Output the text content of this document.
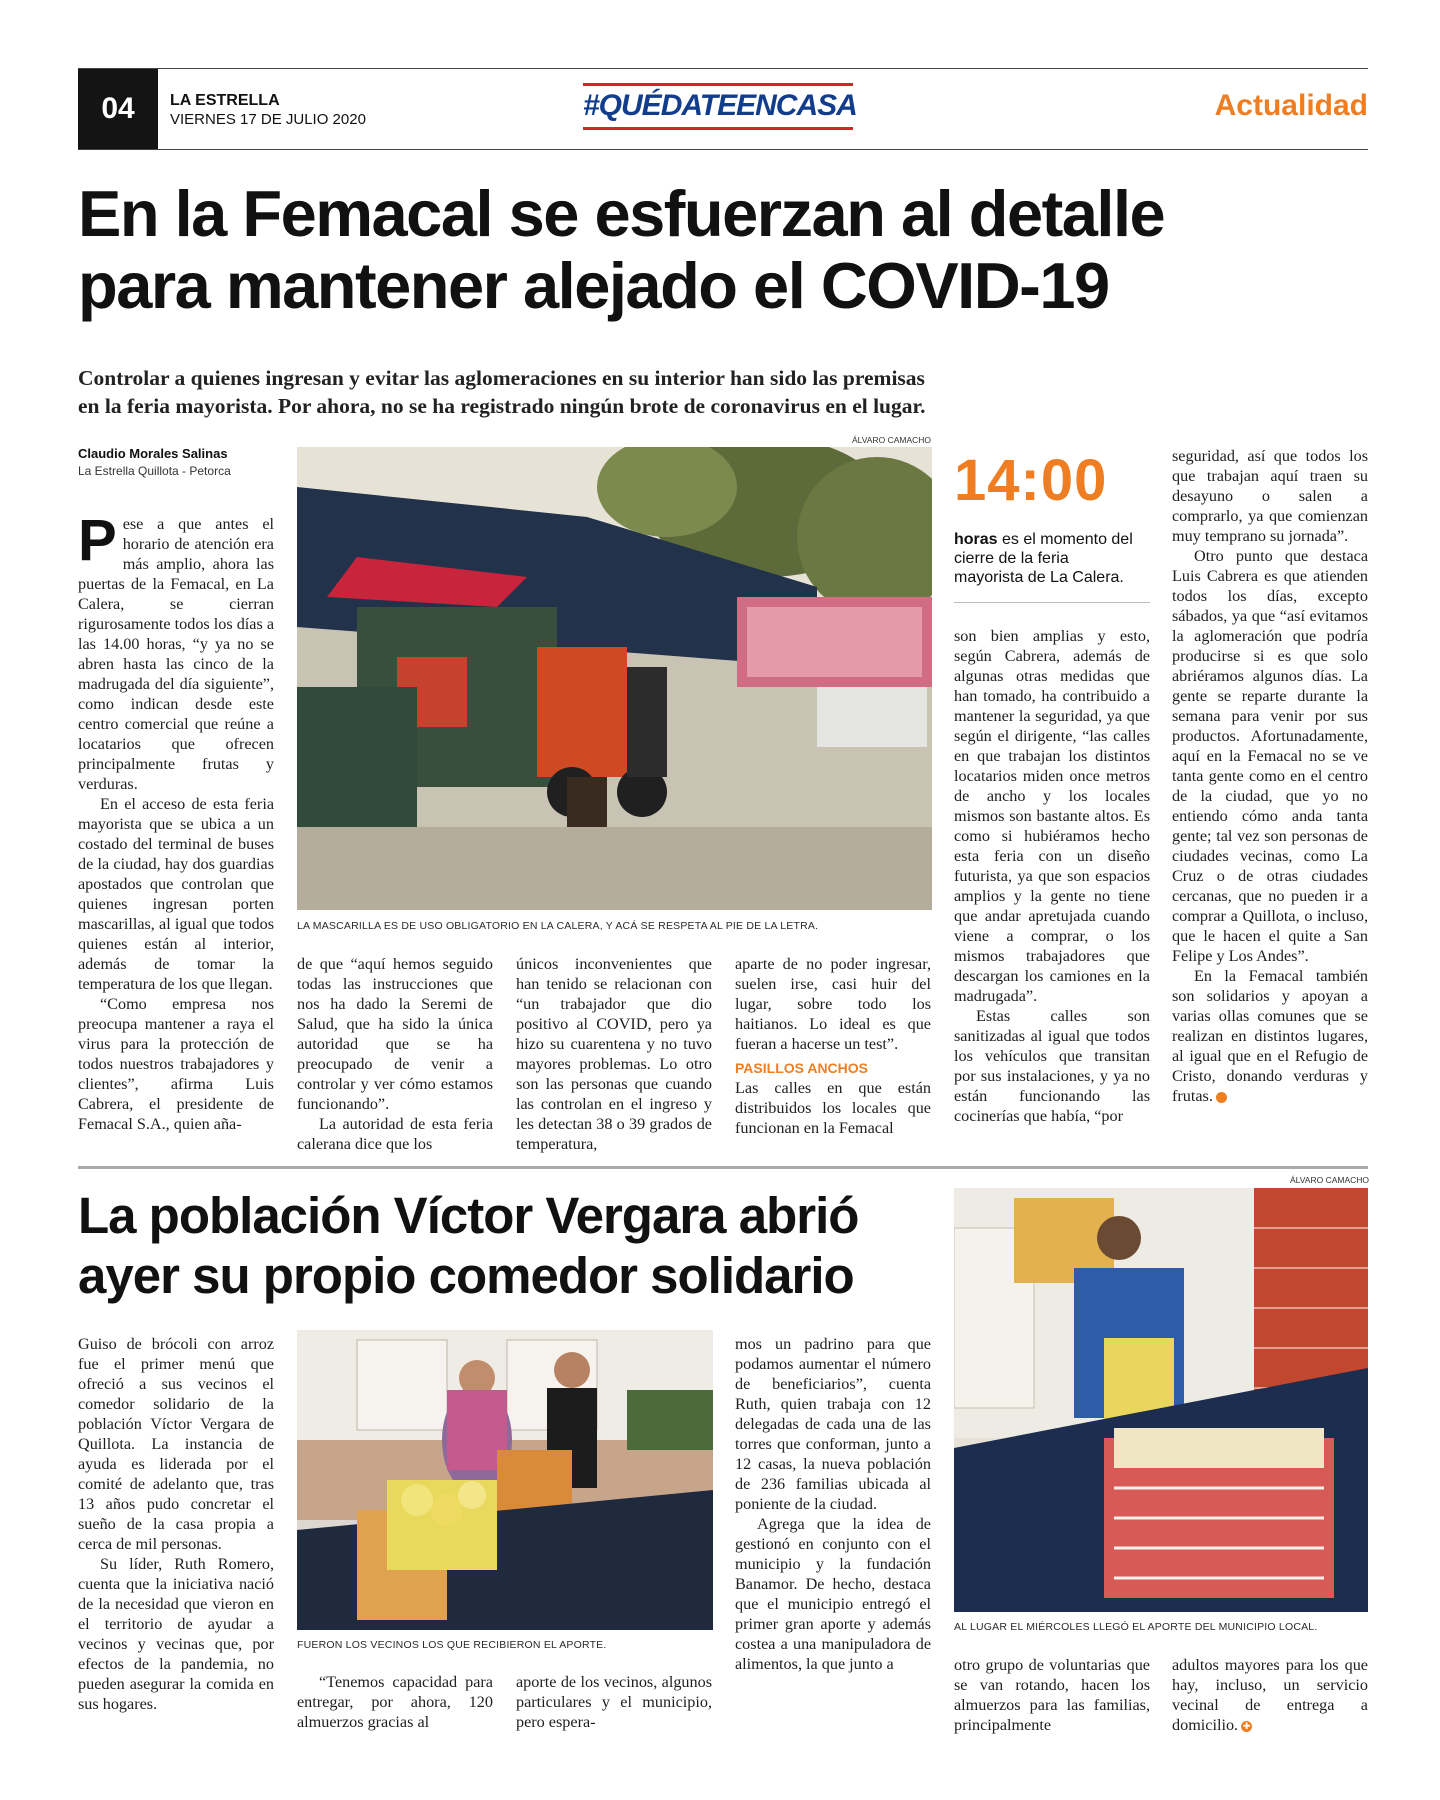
04	LA ESTRELLA
VIERNES 17 DE JULIO 2020	#QUÉDATEENCASA	Actualidad
En la Femacal se esfuerzan al detalle
para mantener alejado el COVID-19
Controlar a quienes ingresan y evitar las aglomeraciones en su interior han sido las premisas
en la feria mayorista. Por ahora, no se ha registrado ningún brote de coronavirus en el lugar.
Claudio Morales Salinas
La Estrella Quillota - Petorca
ÁLVARO CAMACHO
LA MASCARILLA ES DE USO OBLIGATORIO EN LA CALERA, Y ACÁ SE RESPETA AL PIE DE LA LETRA.
14:00
horas es el momento del cierre de la feria mayorista de La Calera.

Pese a que antes el horario de atención era más amplio, ahora las puertas de la Femacal, en La Calera, se cierran rigurosamente todos los días a las 14.00 horas, “y ya no se abren hasta las cinco de la madrugada del día siguiente”, como indican desde este centro comercial que reúne a locatarios que ofrecen principalmente frutas y verduras.

En el acceso de esta feria mayorista que se ubica a un costado del terminal de buses de la ciudad, hay dos guardias apostados que controlan que quienes ingresan porten mascarillas, al igual que todos quienes están al interior, además de tomar la temperatura de los que llegan.

“Como empresa nos preocupa mantener a raya el virus para la protección de todos nuestros trabajadores y clientes”, afirma Luis Cabrera, el presidente de Femacal S.A., quien aña-

de que “aquí hemos seguido todas las instrucciones que nos ha dado la Seremi de Salud, que ha sido la única autoridad que se ha preocupado de venir a controlar y ver cómo estamos funcionando”.

La autoridad de esta feria calerana dice que los

únicos inconvenientes que han tenido se relacionan con “un trabajador que dio positivo al COVID, pero ya hizo su cuarentena y no tuvo mayores problemas. Lo otro son las personas que cuando las controlan en el ingreso y les detectan 38 o 39 grados de temperatura,

aparte de no poder ingresar, suelen irse, casi huir del lugar, sobre todo los haitianos. Lo ideal es que fueran a hacerse un test”.

PASILLOS ANCHOS

Las calles en que están distribuidos los locales que funcionan en la Femacal

son bien amplias y esto, según Cabrera, además de algunas otras medidas que han tomado, ha contribuido a mantener la seguridad, ya que según el dirigente, “las calles en que trabajan los distintos locatarios miden once metros de ancho y los locales mismos son bastante altos. Es como si hubiéramos hecho esta feria con un diseño futurista, ya que son espacios amplios y la gente no tiene que andar apretujada cuando viene a comprar, o los mismos trabajadores que descargan los camiones en la madrugada”.

Estas calles son sanitizadas al igual que todos los vehículos que transitan por sus instalaciones, y ya no están funcionando las cocinerías que había, “por

seguridad, así que todos los que trabajan aquí traen su desayuno o salen a comprarlo, ya que comienzan muy temprano su jornada”.

Otro punto que destaca Luis Cabrera es que atienden todos los días, excepto sábados, ya que “así evitamos la aglomeración que podría producirse si es que solo abriéramos algunos días. La gente se reparte durante la semana para venir por sus productos. Afortunadamente, aquí en la Femacal no se ve tanta gente como en el centro de la ciudad, que yo no entiendo cómo anda tanta gente; tal vez son personas de ciudades vecinas, como La Cruz o de otras ciudades cercanas, que no pueden ir a comprar a Quillota, o incluso, que le hacen el quite a San Felipe y Los Andes”.

En la Femacal también son solidarios y apoyan a varias ollas comunes que se realizan en distintos lugares, al igual que en el Refugio de Cristo, donando verduras y frutas.	✚

La población Víctor Vergara abrió
ayer su propio comedor solidario
FUERON LOS VECINOS LOS QUE RECIBIERON EL APORTE.
ÁLVARO CAMACHO
AL LUGAR EL MIÉRCOLES LLEGÓ EL APORTE DEL MUNICIPIO LOCAL.

Guiso de brócoli con arroz fue el primer menú que ofreció a sus vecinos el comedor solidario de la población Víctor Vergara de Quillota. La instancia de ayuda es liderada por el comité de adelanto que, tras 13 años pudo concretar el sueño de la casa propia a cerca de mil personas.

Su líder, Ruth Romero, cuenta que la iniciativa nació de la necesidad que vieron en el territorio de ayudar a vecinos y vecinas que, por efectos de la pandemia, no pueden asegurar la comida en sus hogares.

“Tenemos capacidad para entregar, por ahora, 120 almuerzos gracias al

aporte de los vecinos, algunos particulares y el municipio, pero espera-

mos un padrino para que podamos aumentar el número de beneficiarios”, cuenta Ruth, quien trabaja con 12 delegadas de cada una de las torres que conforman, junto a 12 casas, la nueva población de 236 familias ubicada al poniente de la ciudad.

Agrega que la idea de gestionó en conjunto con el municipio y la fundación Banamor. De hecho, destaca que el municipio entregó el primer gran aporte y además costea a una manipuladora de alimentos, la que junto a	otro grupo de voluntarias que se van rotando, hacen los almuerzos para las familias, principalmente

adultos mayores para los que hay, incluso, un servicio vecinal de entrega a domicilio. ✚
